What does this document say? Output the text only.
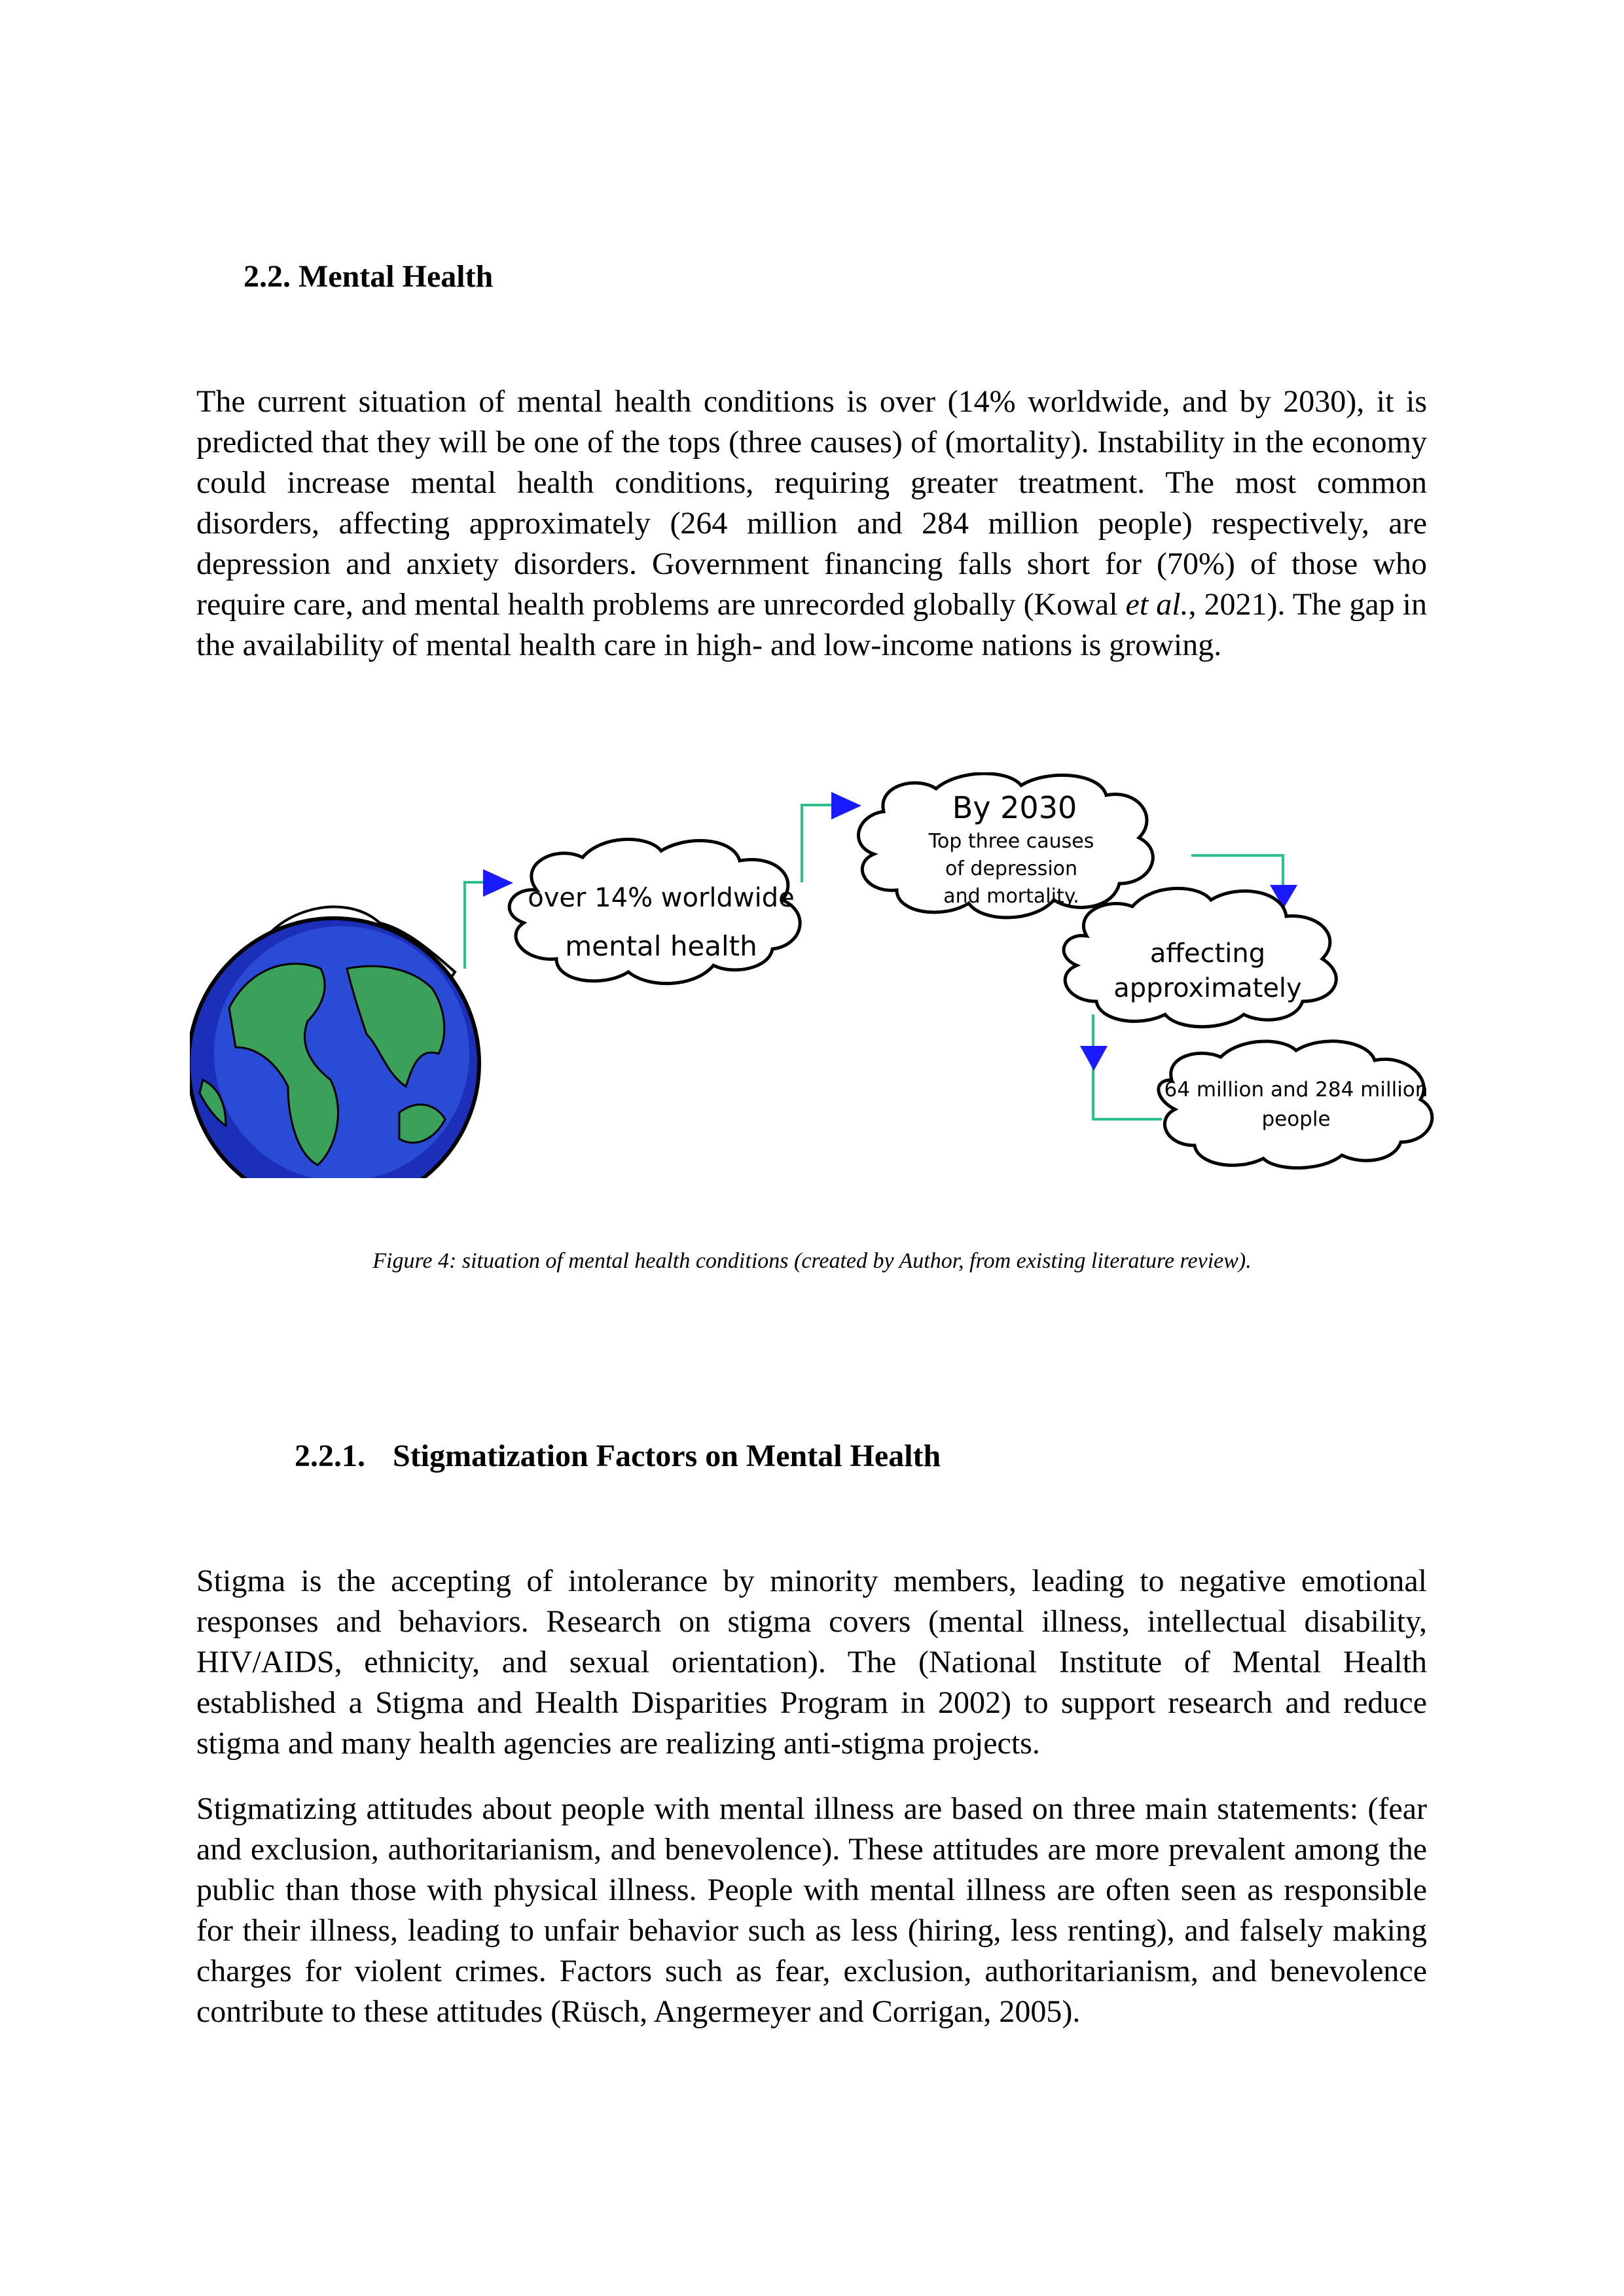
2.2. Mental Health

The current situation of mental health conditions is over (14% worldwide, and by 2030), it is predicted that they will be one of the tops (three causes) of (mortality). Instability in the economy could increase mental health conditions, requiring greater treatment. The most common disorders, affecting approximately (264 million and 284 million people) respectively, are depression and anxiety disorders. Government financing falls short for (70%) of those who require care, and mental health problems are unrecorded globally (Kowal et al., 2021). The gap in the availability of mental health care in high- and low-income nations is growing.

over 14% worldwide
mental health
By 2030
Top three causes
of depression
and mortality.
affecting
approximately
64 million and 284 million
people
Figure 4: situation of mental health conditions (created by Author, from existing literature review).
2.2.1. Stigmatization Factors on Mental Health

Stigma is the accepting of intolerance by minority members, leading to negative emotional responses and behaviors. Research on stigma covers (mental illness, intellectual disability, HIV/AIDS, ethnicity, and sexual orientation). The (National Institute of Mental Health established a Stigma and Health Disparities Program in 2002) to support research and reduce stigma and many health agencies are realizing anti-stigma projects.

Stigmatizing attitudes about people with mental illness are based on three main statements: (fear and exclusion, authoritarianism, and benevolence). These attitudes are more prevalent among the public than those with physical illness. People with mental illness are often seen as responsible for their illness, leading to unfair behavior such as less (hiring, less renting), and falsely making charges for violent crimes. Factors such as fear, exclusion, authoritarianism, and benevolence contribute to these attitudes (Rüsch, Angermeyer and Corrigan, 2005).
